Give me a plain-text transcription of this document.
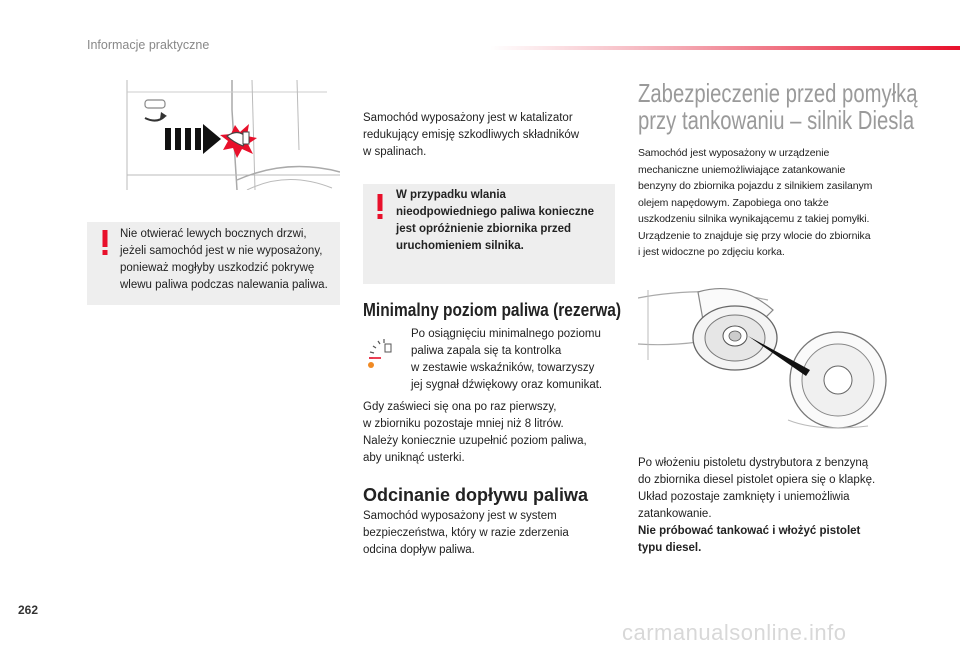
Informacje praktyczne
Nie otwierać lewych bocznych drzwi,
jeżeli samochód jest w nie wyposażony,
ponieważ mogłyby uszkodzić pokrywę
wlewu paliwa podczas nalewania paliwa.
Samochód wyposażony jest w katalizator
redukujący emisję szkodliwych składników
w spalinach.
W przypadku wlania
nieodpowiedniego paliwa konieczne
jest opróżnienie zbiornika przed
uruchomieniem silnika.
Minimalny poziom paliwa (rezerwa)
Po osiągnięciu minimalnego poziomu
paliwa zapala się ta kontrolka
w zestawie wskaźników, towarzyszy
jej sygnał dźwiękowy oraz komunikat.
Gdy zaświeci się ona po raz pierwszy,
w zbiorniku pozostaje mniej niż 8 litrów.
Należy koniecznie uzupełnić poziom paliwa,
aby uniknąć usterki.
Odcinanie dopływu paliwa
Samochód wyposażony jest w system
bezpieczeństwa, który w razie zderzenia
odcina dopływ paliwa.
Zabezpieczenie przed pomyłką
przy tankowaniu – silnik Diesla
Samochód jest wyposażony w urządzenie
mechaniczne uniemożliwiające zatankowanie
benzyny do zbiornika pojazdu z silnikiem zasilanym
olejem napędowym. Zapobiega ono także
uszkodzeniu silnika wynikającemu z takiej pomyłki.
Urządzenie to znajduje się przy wlocie do zbiornika
i jest widoczne po zdjęciu korka.
Po włożeniu pistoletu dystrybutora z benzyną
do zbiornika diesel pistolet opiera się o klapkę.
Układ pozostaje zamknięty i uniemożliwia
zatankowanie.
Nie próbować tankować i włożyć pistolet
typu diesel.
262
carmanualsonline.info
